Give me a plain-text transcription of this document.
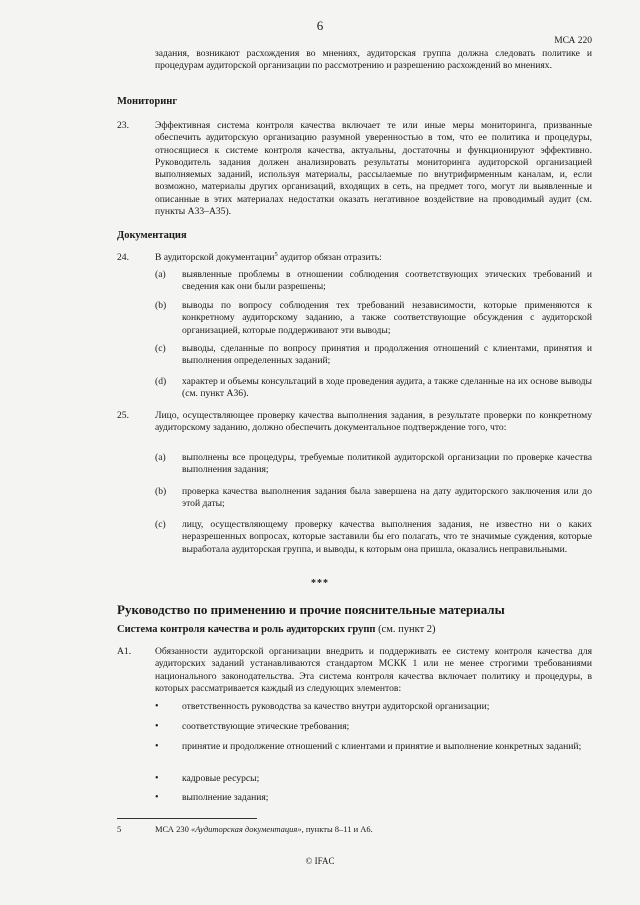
6
МСА 220
задания, возникают расхождения во мнениях, аудиторская группа должна следовать политике и процедурам аудиторской организации по рассмотрению и разрешению расхождений во мнениях.
Мониторинг
23.	Эффективная система контроля качества включает те или иные меры мониторинга, призванные обеспечить аудиторскую организацию разумной уверенностью в том, что ее политика и процедуры, относящиеся к системе контроля качества, актуальны, достаточны и функционируют эффективно. Руководитель задания должен анализировать результаты мониторинга аудиторской организацией выполняемых заданий, используя материалы, рассылаемые по внутрифирменным каналам, и, если возможно, материалы других организаций, входящих в сеть, на предмет того, могут ли выявленные и описанные в этих материалах недостатки оказать негативное воздействие на проводимый аудит (см. пункты А33–А35).
Документация
24.	В аудиторской документации$^5$ аудитор обязан отразить:
(a) выявленные проблемы в отношении соблюдения соответствующих этических требований и сведения как они были разрешены;
(b) выводы по вопросу соблюдения тех требований независимости, которые применяются к конкретному аудиторскому заданию, а также соответствующие обсуждения с аудиторской организацией, которые поддерживают эти выводы;
(c) выводы, сделанные по вопросу принятия и продолжения отношений с клиентами, принятия и выполнения определенных заданий;
(d) характер и объемы консультаций в ходе проведения аудита, а также сделанные на их основе выводы (см. пункт А36).
25.	Лицо, осуществляющее проверку качества выполнения задания, в результате проверки по конкретному аудиторскому заданию, должно обеспечить документальное подтверждение того, что:
(a) выполнены все процедуры, требуемые политикой аудиторской организации по проверке качества выполнения задания;
(b) проверка качества выполнения задания была завершена на дату аудиторского заключения или до этой даты;
(c) лицу, осуществляющему проверку качества выполнения задания, не известно ни о каких неразрешенных вопросах, которые заставили бы его полагать, что те значимые суждения, которые выработала аудиторская группа, и выводы, к которым она пришла, оказались неправильными.
***
Руководство по применению и прочие пояснительные материалы
Система контроля качества и роль аудиторских групп (см. пункт 2)
A1. Обязанности аудиторской организации внедрить и поддерживать ее систему контроля качества для аудиторских заданий устанавливаются стандартом МСКК 1 или не менее строгими требованиями национального законодательства. Эта система контроля качества включает политику и процедуры, в которых рассматривается каждый из следующих элементов:
• ответственность руководства за качество внутри аудиторской организации;
• соответствующие этические требования;
• принятие и продолжение отношений с клиентами и принятие и выполнение конкретных заданий;
• кадровые ресурсы;
• выполнение задания;
5	МСА 230 «Аудиторская документация», пункты 8–11 и А6.
© IFAC
